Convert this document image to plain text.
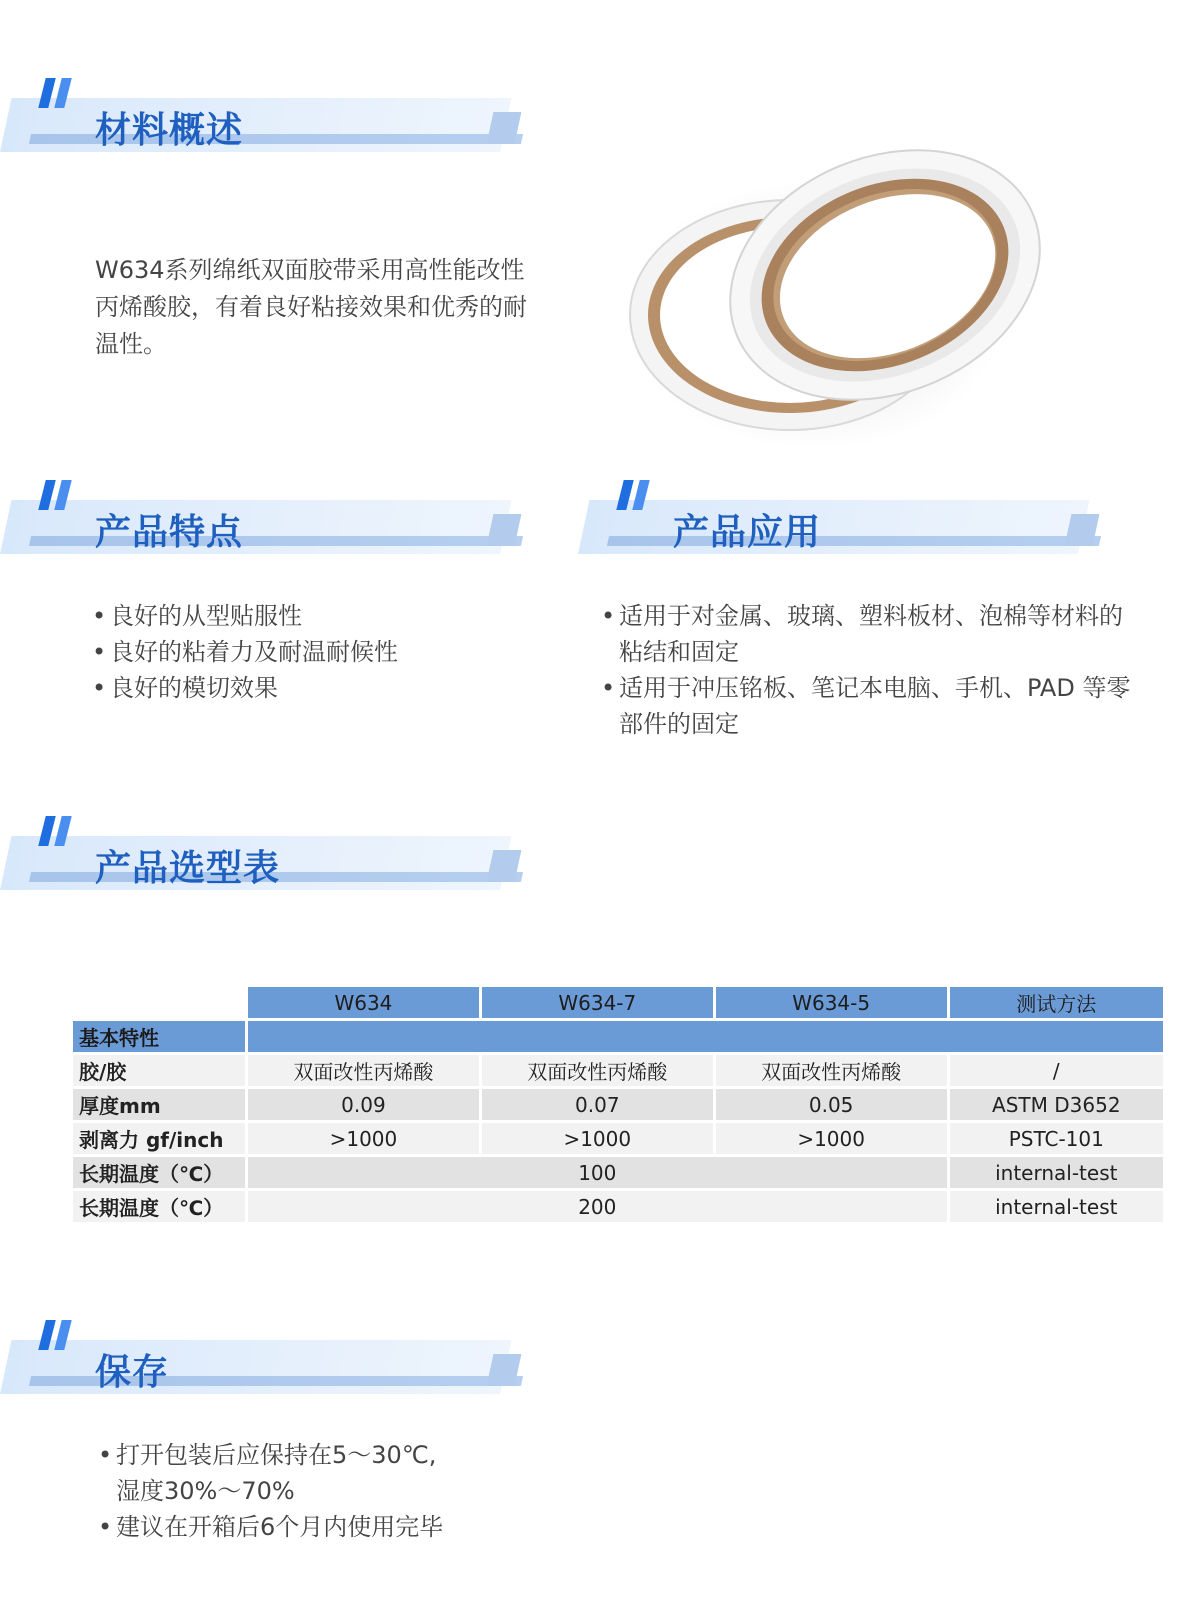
材料概述
W634系列绵纸双面胶带采用高性能改性
丙烯酸胶，有着良好粘接效果和优秀的耐
温性。
产品特点
• 良好的从型贴服性
• 良好的粘着力及耐温耐候性
• 良好的模切效果
产品应用
• 适用于对金属、玻璃、塑料板材、泡棉等材料的
粘结和固定
• 适用于冲压铭板、笔记本电脑、手机、PAD 等零
部件的固定
产品选型表
	W634	W634-7	W634-5	测试方法
基本特性				
胶/胶	双面改性丙烯酸	双面改性丙烯酸	双面改性丙烯酸	/
厚度mm	0.09	0.07	0.05	ASTM D3652
剥离力 gf/inch	>1000	>1000	>1000	PSTC-101
长期温度（℃）	100			internal-test
长期温度（℃）	200			internal-test
保存
• 打开包装后应保持在5～30℃,
湿度30%～70%
• 建议在开箱后6个月内使用完毕
